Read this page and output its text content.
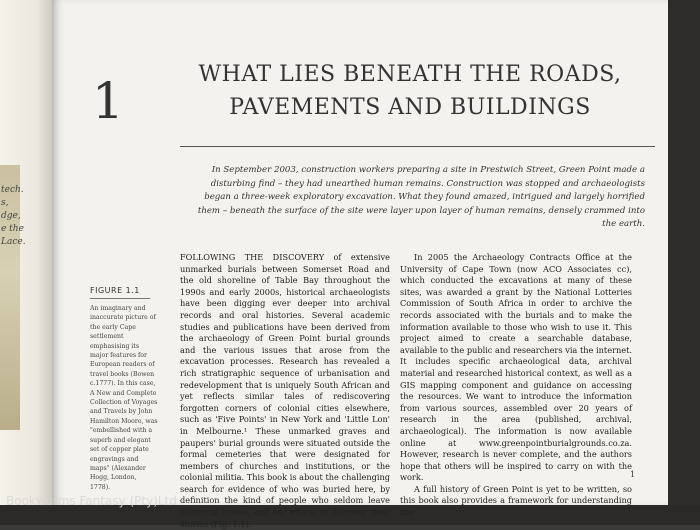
tech.
s,
dge,
e the
Lace.
1	WHAT LIES BENEATH THE ROADS, PAVEMENTS AND BUILDINGS
In September 2003, construction workers preparing a site in Prestwich Street, Green Point made a disturbing find – they had unearthed human remains. Construction was stopped and archaeologists began a three-week exploratory excavation. What they found amazed, intrigued and largely horrified them – beneath the surface of the site were layer upon layer of human remains, densely crammed into the earth.
FIGURE 1.1
An imaginary and inaccurate picture of the early Cape settlement emphasising its major features for European readers of travel books (Bowen c.1777). In this case, A New and Complete Collection of Voyages and Travels by John Hamilton Moore, was "embellished with a superb and elegant set of copper plate engravings and maps" (Alexander Hogg, London, 1778).

FOLLOWING THE DISCOVERY of extensive unmarked burials between Somerset Road and the old shoreline of Table Bay throughout the 1990s and early 2000s, historical archaeologists have been digging ever deeper into archival records and oral histories. Several academic studies and publications have been derived from the archaeology of Green Point burial grounds and the various issues that arose from the excavation processes. Research has revealed a rich stratigraphic sequence of urbanisation and redevelopment that is uniquely South African and yet reflects similar tales of rediscovering forgotten corners of colonial cities elsewhere, such as 'Five Points' in New York and 'Little Lon' in Melbourne.¹ These unmarked graves and paupers' burial grounds were situated outside the formal cemeteries that were designated for members of churches and institutions, or the colonial militia. This book is about the challenging search for evidence of who was buried here, by definition the kind of people who seldom leave historical traces, and our efforts to discover their stories (Fig. 1.1).

In 2005 the Archaeology Contracts Office at the University of Cape Town (now ACO Associates cc), which conducted the excavations at many of these sites, was awarded a grant by the National Lotteries Commission of South Africa in order to archive the records associated with the burials and to make the information available to those who wish to use it. This project aimed to create a searchable database, available to the public and researchers via the internet. It includes specific archaeological data, archival material and researched historical context, as well as a GIS mapping component and guidance on accessing the resources. We want to introduce the information from various sources, assembled over 20 years of research in the area (published, archival, archaeological). The information is now available online at www.greenpointburialgrounds.co.za. However, research is never complete, and the authors hope that others will be inspired to carry on with the work.

A full history of Green Point is yet to be written, so this book also provides a framework for understanding the

1
Bookworms Fantasy (Pty)Ltd
